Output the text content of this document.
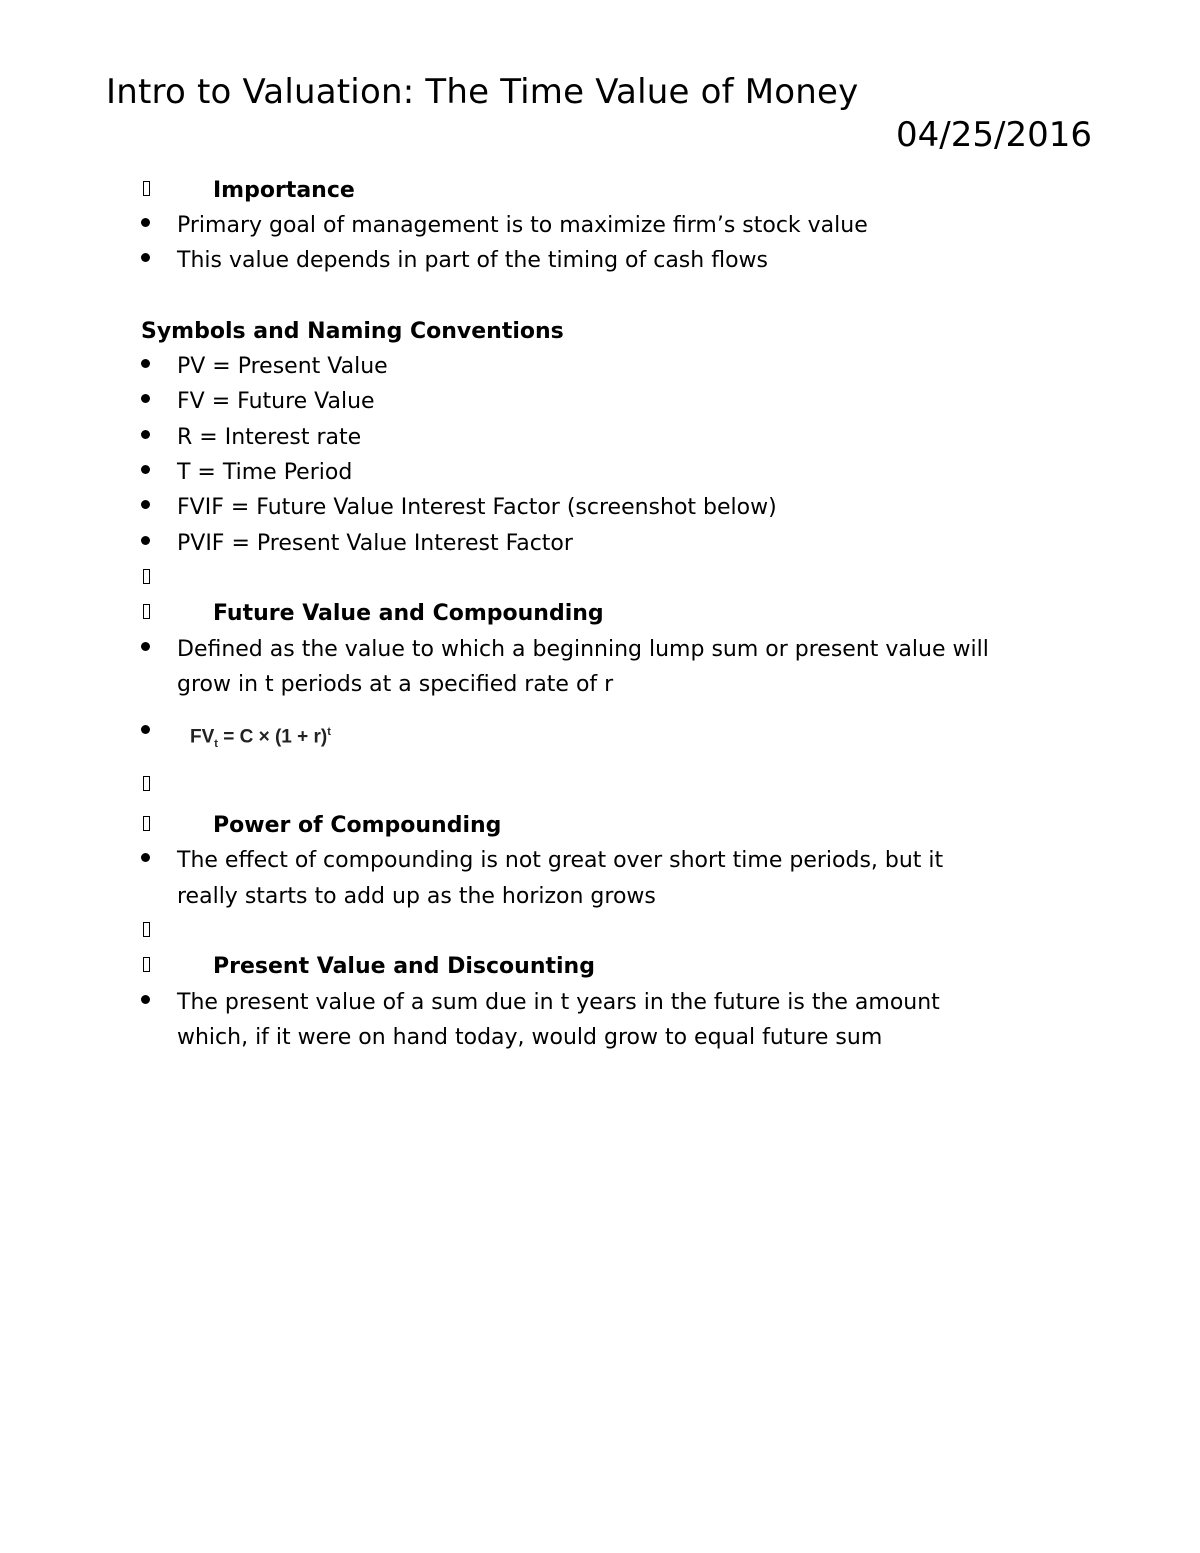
Intro to Valuation: The Time Value of Money
04/25/2016
Importance
Primary goal of management is to maximize firm’s stock value
This value depends in part of the timing of cash flows
Symbols and Naming Conventions
PV = Present Value
FV = Future Value
R = Interest rate
T = Time Period
FVIF = Future Value Interest Factor (screenshot below)
PVIF = Present Value Interest Factor
Future Value and Compounding
Defined as the value to which a beginning lump sum or present value will
grow in t periods at a specified rate of r
$FV_t = C \times (1 + r)^t$
Power of Compounding
The effect of compounding is not great over short time periods, but it
really starts to add up as the horizon grows
Present Value and Discounting
The present value of a sum due in t years in the future is the amount
which, if it were on hand today, would grow to equal future sum
